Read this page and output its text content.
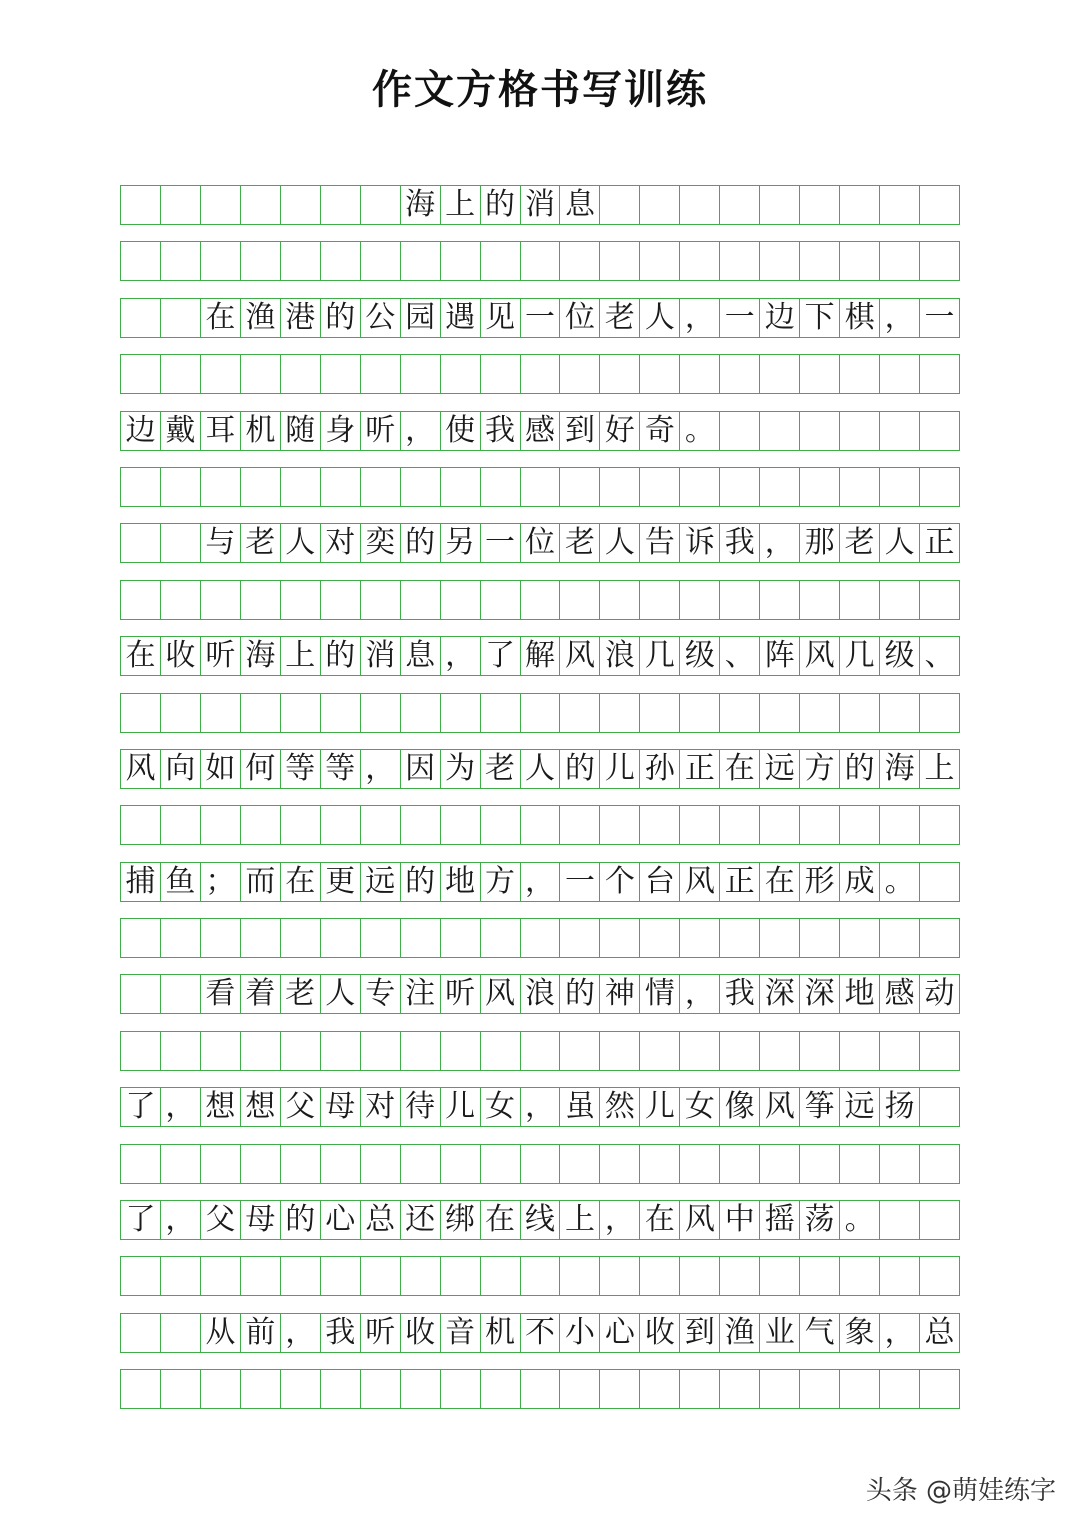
作文方格书写训练
海 上 的 消 息
在 渔 港 的 公 园 遇 见 一 位 老 人 ， 一 边 下 棋 ， 一
边 戴 耳 机 随 身 听 ， 使 我 感 到 好 奇 。
与 老 人 对 奕 的 另 一 位 老 人 告 诉 我 ， 那 老 人 正
在 收 听 海 上 的 消 息 ， 了 解 风 浪 几 级 、 阵 风 几 级 、
风 向 如 何 等 等 ， 因 为 老 人 的 儿 孙 正 在 远 方 的 海 上
捕 鱼 ； 而 在 更 远 的 地 方 ， 一 个 台 风 正 在 形 成 。
看 着 老 人 专 注 听 风 浪 的 神 情 ， 我 深 深 地 感 动
了 ， 想 想 父 母 对 待 儿 女 ， 虽 然 儿 女 像 风 筝 远 扬
了 ， 父 母 的 心 总 还 绑 在 线 上 ， 在 风 中 摇 荡 。
从 前 ， 我 听 收 音 机 不 小 心 收 到 渔 业 气 象 ， 总
头条 @萌娃练字
